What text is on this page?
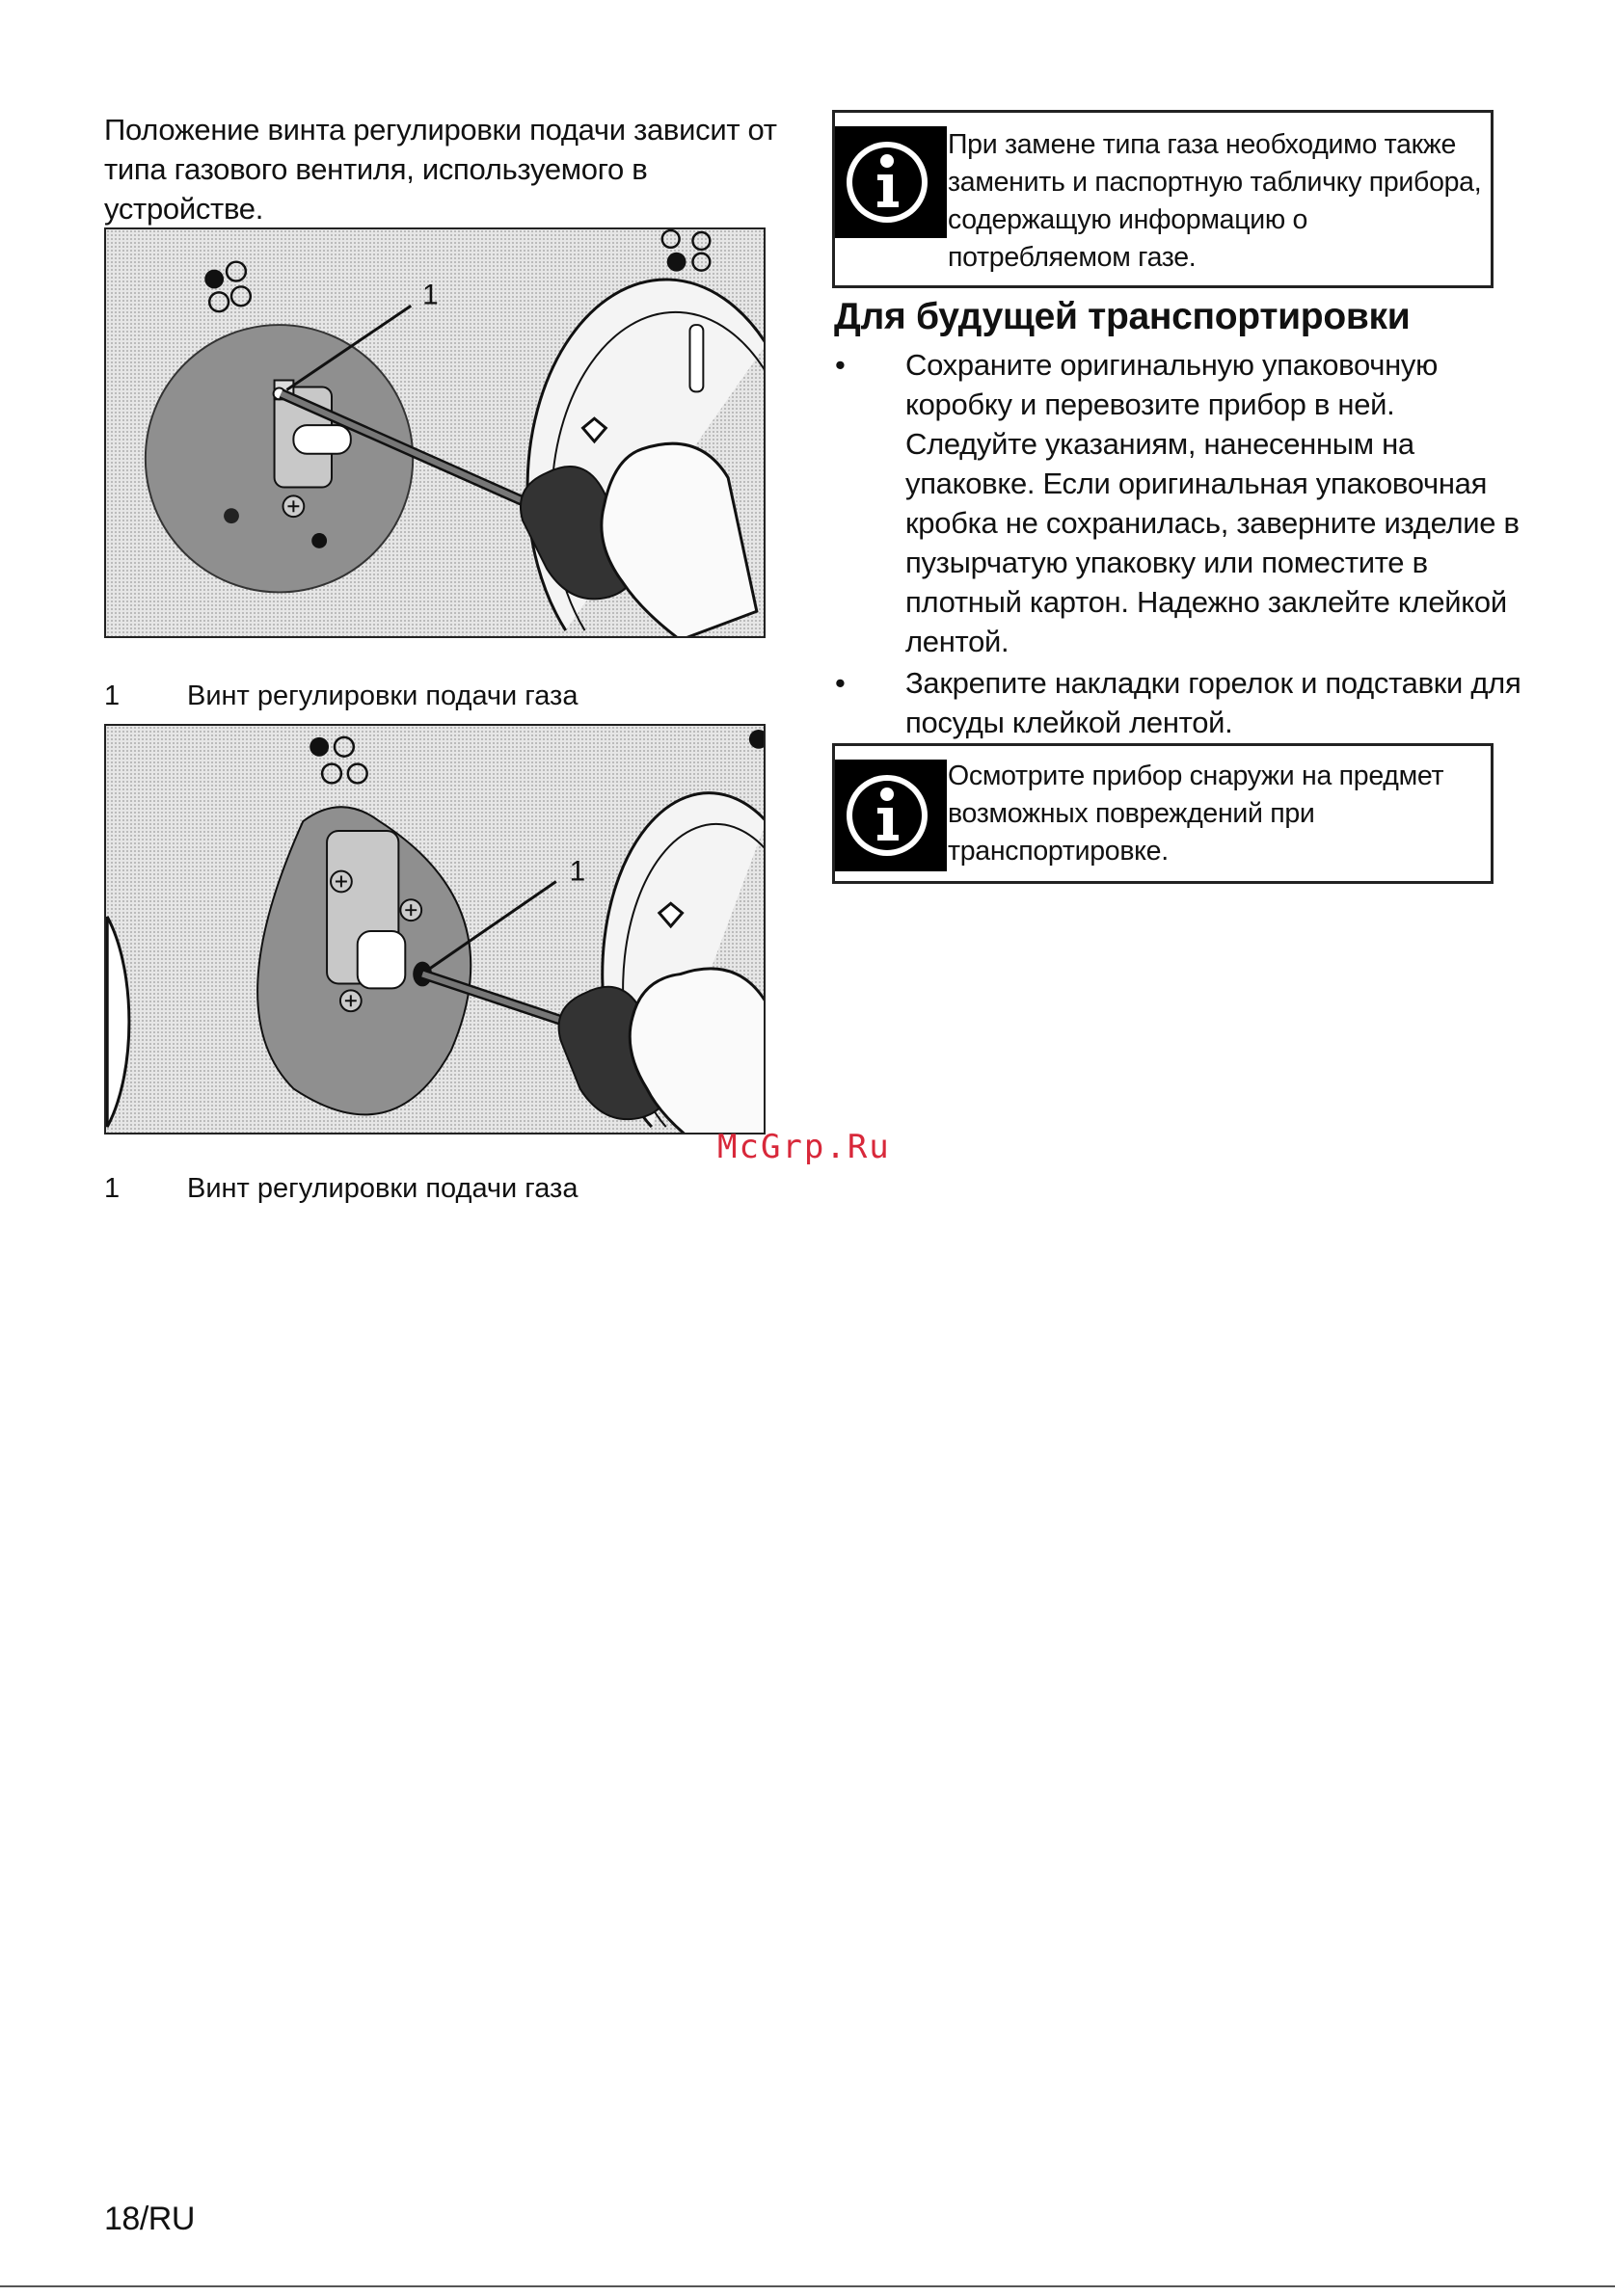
Положение винта регулировки подачи зависит от
типа газового вентиля, используемого в
устройстве.
1
1	Винт регулировки подачи газа
1
1	Винт регулировки подачи газа
При замене типа газа необходимо также
заменить и паспортную табличку прибора,
содержащую информацию о
потребляемом газе.
Для будущей транспортировки
• Сохраните оригинальную упаковочную
коробку и перевозите прибор в ней.
Следуйте указаниям, нанесенным на
упаковке. Если оригинальная упаковочная
кробка не сохранилась, заверните изделие в
пузырчатую упаковку или поместите в
плотный картон. Надежно заклейте клейкой
лентой.
• Закрепите накладки горелок и подставки для
посуды клейкой лентой.
Осмотрите прибор снаружи на предмет
возможных повреждений при
транспортировке.
McGrp.Ru
18/RU
